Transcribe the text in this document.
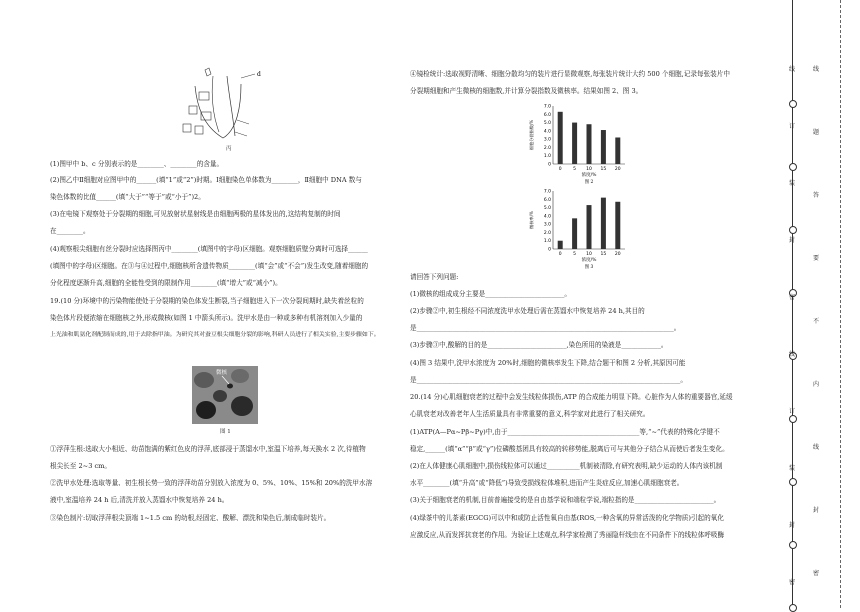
d
丙
(1)图甲中 b、c 分别表示的是________、________的含量。
(2)图乙中Ⅱ细胞对应图甲中的______(填“1”或“2”)时期。Ⅰ细胞染色单体数为________，Ⅱ细胞中 DNA 数与
染色体数的比值______(填“大于”“等于”或“小于”)2。
(3)在电镜下观察处于分裂期的细胞,可见放射状星射线是由细胞两极的星体发出的,这结构复制的时间
在________。
(4)观察根尖细胞有丝分裂时应选择图丙中________(填图中的字母)区细胞。观察细胞质壁分离时可选择______
(填图中的字母)区细胞。在③与④过程中,细胞核所含遗传物质________(填“会”或“不会”)发生改变,随着细胞的
分化程度逐渐升高,细胞的全能性受到的限制作用________(填“增大”或“减小”)。
19.(10 分)环境中的污染物能使处于分裂期的染色体发生断裂,当子细胞进入下一次分裂间期时,缺失着丝粒的
染色体片段便浓缩在细胞核之外,形成微核(如图 1 中箭头所示)。洗甲水是由一种或多种有机溶剂加入少量的
上光油和肌氨化剂配制而成的,用于去除指甲油。为研究其对蚕豆根尖细胞分裂的影响,科研人员进行了相关实验,主要步骤如下。
微核
图 1
①浮萍生根:选取大小相近、幼苗饱满的紫红色皮的浮萍,底部浸于蒸馏水中,室温下培养,每天换水 2 次,待植物
根尖长至 2~3 cm。
②洗甲水处理:选取等量、初生根长势一致的浮萍幼苗分别放入浓度为 0、5%、10%、15%和 20%的洗甲水溶
液中,室温培养 24 h 后,清洗并放入蒸馏水中恢复培养 24 h。
③染色制片:切取浮萍根尖顶端 1~1.5 cm 的幼根,经固定、酸解、漂洗和染色后,制成临时装片。
④镜检统计:选取视野清晰、细胞分散均匀的装片进行显微观察,每张装片统计大约 500 个细胞,记录每张装片中
分裂期细胞和产生微核的细胞数,并计算分裂指数及微核率。结果如图 2、图 3。
0
1.0
2.0
3.0
4.0
5.0
6.0
7.0
0	5 10 15 20
细胞分裂指数/%
浓度/%
图 2
0
1.0
2.0
3.0
4.0
5.0
6.0
7.0
0	5 10 15 20
微核率/%
浓度/%
图 3
请回答下列问题:
(1)微核的组成成分主要是________________________。
(2)步骤②中,初生根经不同浓度洗甲水处理后需在蒸馏水中恢复培养 24 h,其目的
是______________________________________________________________________________。
(3)步骤③中,酸解的目的是________________________,染色所用的染液是____________。
(4)图 3 结果中,洗甲水浓度为 20%时,细胞的微核率发生下降,结合题干和图 2 分析,其原因可能
是________________________________________________________________________________。
20.(14 分)心肌细胞衰老的过程中会发生线粒体损伤,ATP 的合成能力明显下降。心脏作为人体的重要器官,延缓
心肌衰老对改善老年人生活质量具有非常重要的意义,科学家对此进行了相关研究。
(1)ATP(A—Pα~Pβ~Pγ)中,由于________________________________________等,“~”代表的特殊化学键不
稳定,______(填“α”“β”或“γ”)位磷酸基团具有较高的转移势能,脱离后可与其他分子结合从而使后者发生变化。
(2)在人体健康心肌细胞中,损伤线粒体可以通过__________机制被清除,有研究表明,缺少运动的人体内该机制
水平________(填“升高”或“降低”)导致受损线粒体堆积,进而产生炎症反应,加速心肌细胞衰老。
(3)关于细胞衰老的机制,目前普遍接受的是自由基学说和端粒学说,端粒指的是________________________。
(4)绿茶中的儿茶素(EGCG)可以中和或防止活性氧自由基(ROS,一种含氧的异常活泼的化学物质)引起的氧化
应激反应,从而发挥抗衰老的作用。为验证上述观点,科学家检测了秀丽隐杆线虫在不同条件下的线粒体呼吸酶
线
订
装
封
密
线
订
装
封
密
线
题
答
要
不
内
线
封
密
